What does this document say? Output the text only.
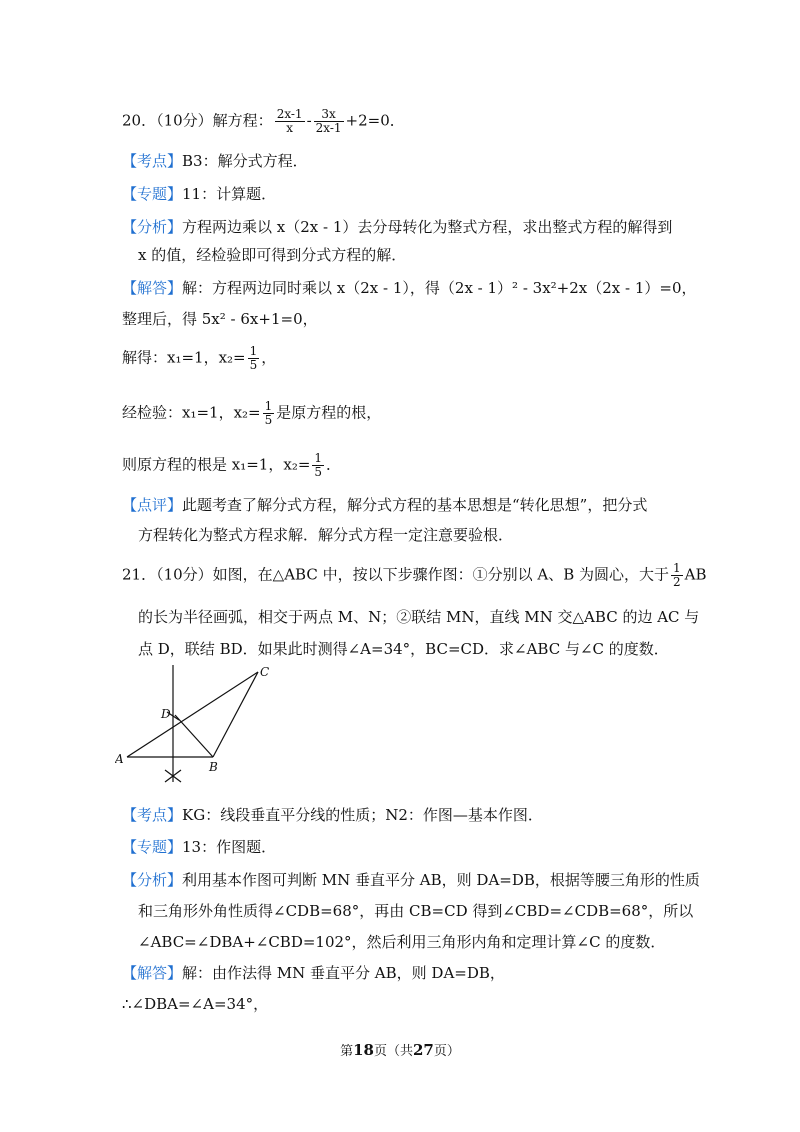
20．（10分）解方程： $\frac{2x-1}{x} - \frac{3x}{2x-1} +2=0$．
【考点】B3：解分式方程．
【专题】11：计算题．
【分析】方程两边乘以 x（2x - 1）去分母转化为整式方程，求出整式方程的解得到
x 的值，经检验即可得到分式方程的解．
【解答】解：方程两边同时乘以 x（2x - 1），得（2x - 1）² - 3x²+2x（2x - 1）=0，
整理后，得 5x² - 6x+1=0，
解得：x₁=1，$x_2= \frac{1}{5}$ ，
经检验：x₁=1，$x_2= \frac{1}{5}$ 是原方程的根，
则原方程的根是 x₁=1，$x_2= \frac{1}{5}$ ．
【点评】此题考查了解分式方程，解分式方程的基本思想是“转化思想”，把分式
方程转化为整式方程求解．解分式方程一定注意要验根．
21．（10分）如图，在△ABC 中，按以下步骤作图：①分别以 A、B 为圆心，大于 $\frac{1}{2}$ AB
的长为半径画弧，相交于两点 M、N；②联结 MN，直线 MN 交△ABC 的边 AC 与
点 D，联结 BD．如果此时测得∠A=34°，BC=CD．求∠ABC 与∠C 的度数．
A
B
C
D
【考点】KG：线段垂直平分线的性质；N2：作图—基本作图．
【专题】13：作图题．
【分析】利用基本作图可判断 MN 垂直平分 AB，则 DA=DB，根据等腰三角形的性质
和三角形外角性质得∠CDB=68°，再由 CB=CD 得到∠CBD=∠CDB=68°，所以
∠ABC=∠DBA+∠CBD=102°，然后利用三角形内角和定理计算∠C 的度数．
【解答】解：由作法得 MN 垂直平分 AB，则 DA=DB，
∴∠DBA=∠A=34°，
第18页（共27页）
